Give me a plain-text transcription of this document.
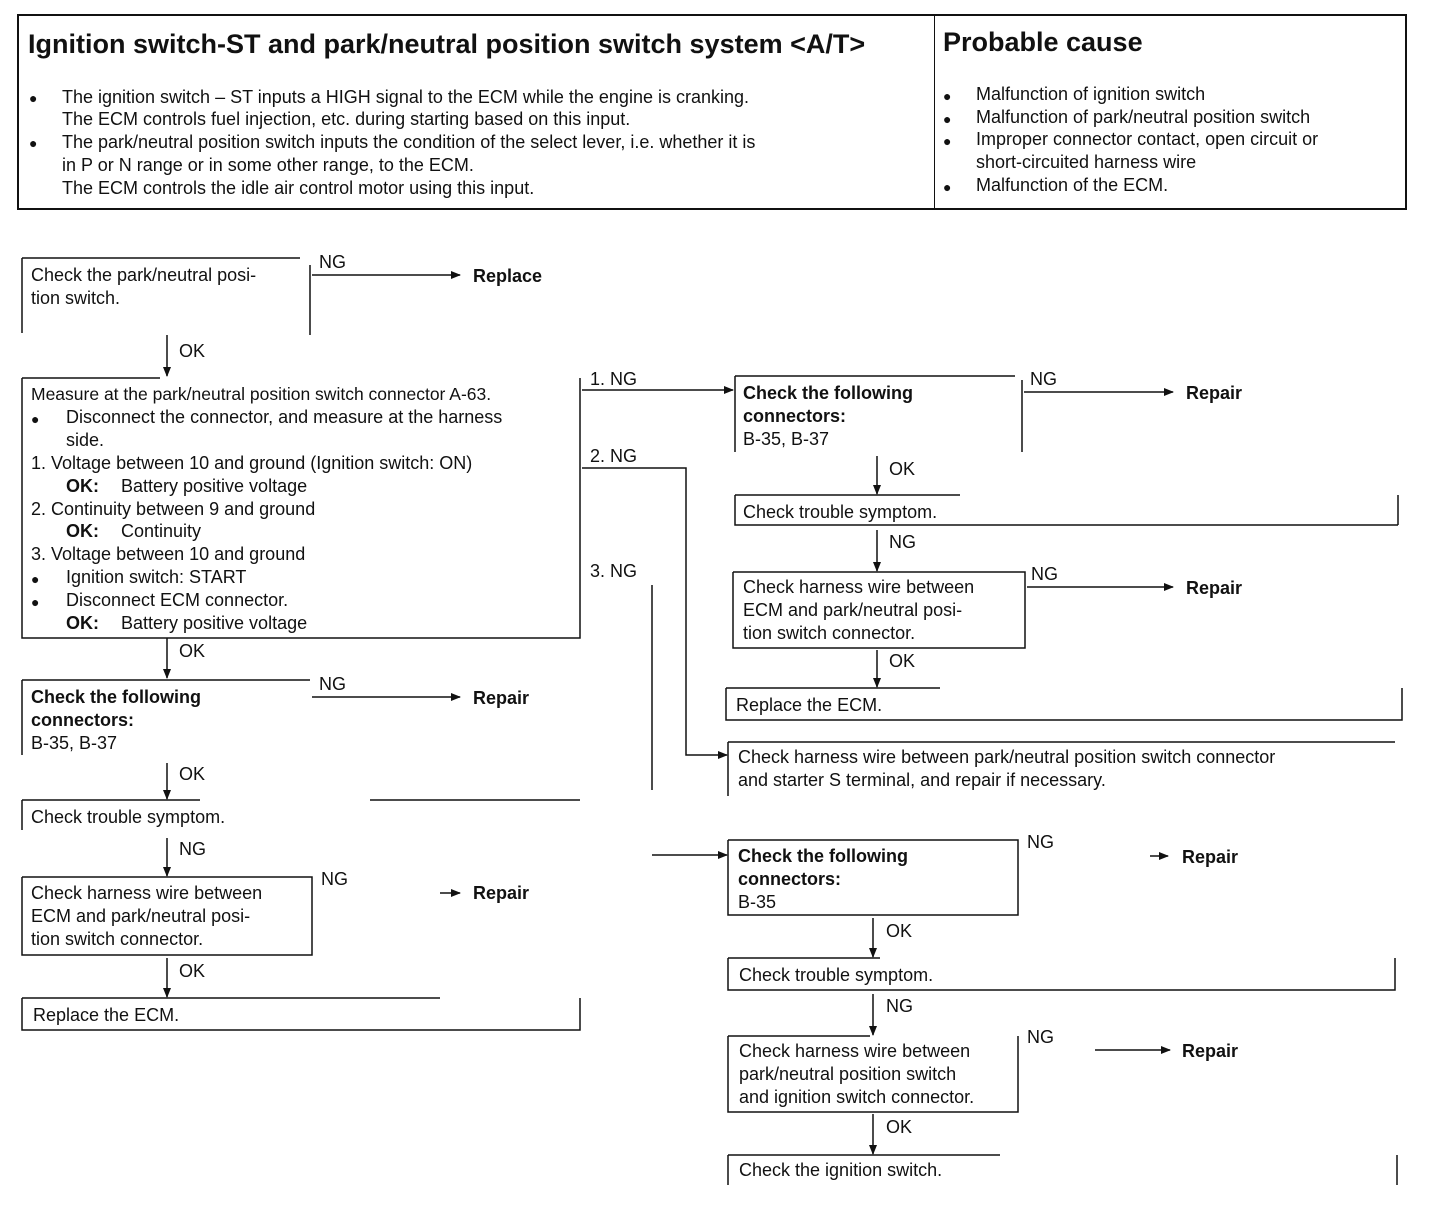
Ignition switch-ST and park/neutral position switch system <A/T>	Probable cause
● The ignition switch – ST inputs a HIGH signal to the ECM while the engine is cranking.
The ECM controls fuel injection, etc. during starting based on this input.
● The park/neutral position switch inputs the condition of the select lever, i.e. whether it is
in P or N range or in some other range, to the ECM.
The ECM controls the idle air control motor using this input.
● Malfunction of ignition switch
● Malfunction of park/neutral position switch
● Improper connector contact, open circuit or
short-circuited harness wire
● Malfunction of the ECM.
Check the park/neutral posi-
tion switch.
NG
Replace
OK
Measure at the park/neutral position switch connector A-63.
● Disconnect the connector, and measure at the harness
side.
1. Voltage between 10 and ground (Ignition switch: ON)
OK: Battery positive voltage
2. Continuity between 9 and ground
OK: Continuity
3. Voltage between 10 and ground
● Ignition switch: START
● Disconnect ECM connector.
OK: Battery positive voltage
1. NG
2. NG
3. NG
OK
Check the following
connectors:
B-35, B-37
NG
Repair
OK
Check trouble symptom.
NG
Check harness wire between
ECM and park/neutral posi-
tion switch connector.
NG
Repair
OK
Replace the ECM.
Check the following
connectors:
B-35, B-37
NG
Repair
OK
Check trouble symptom.
NG
Check harness wire between
ECM and park/neutral posi-
tion switch connector.
NG
Repair
OK
Replace the ECM.
Check harness wire between park/neutral position switch connector
and starter S terminal, and repair if necessary.
Check the following
connectors:
B-35
NG
Repair
OK
Check trouble symptom.
NG
Check harness wire between
park/neutral position switch
and ignition switch connector.
NG
Repair
OK
Check the ignition switch.
